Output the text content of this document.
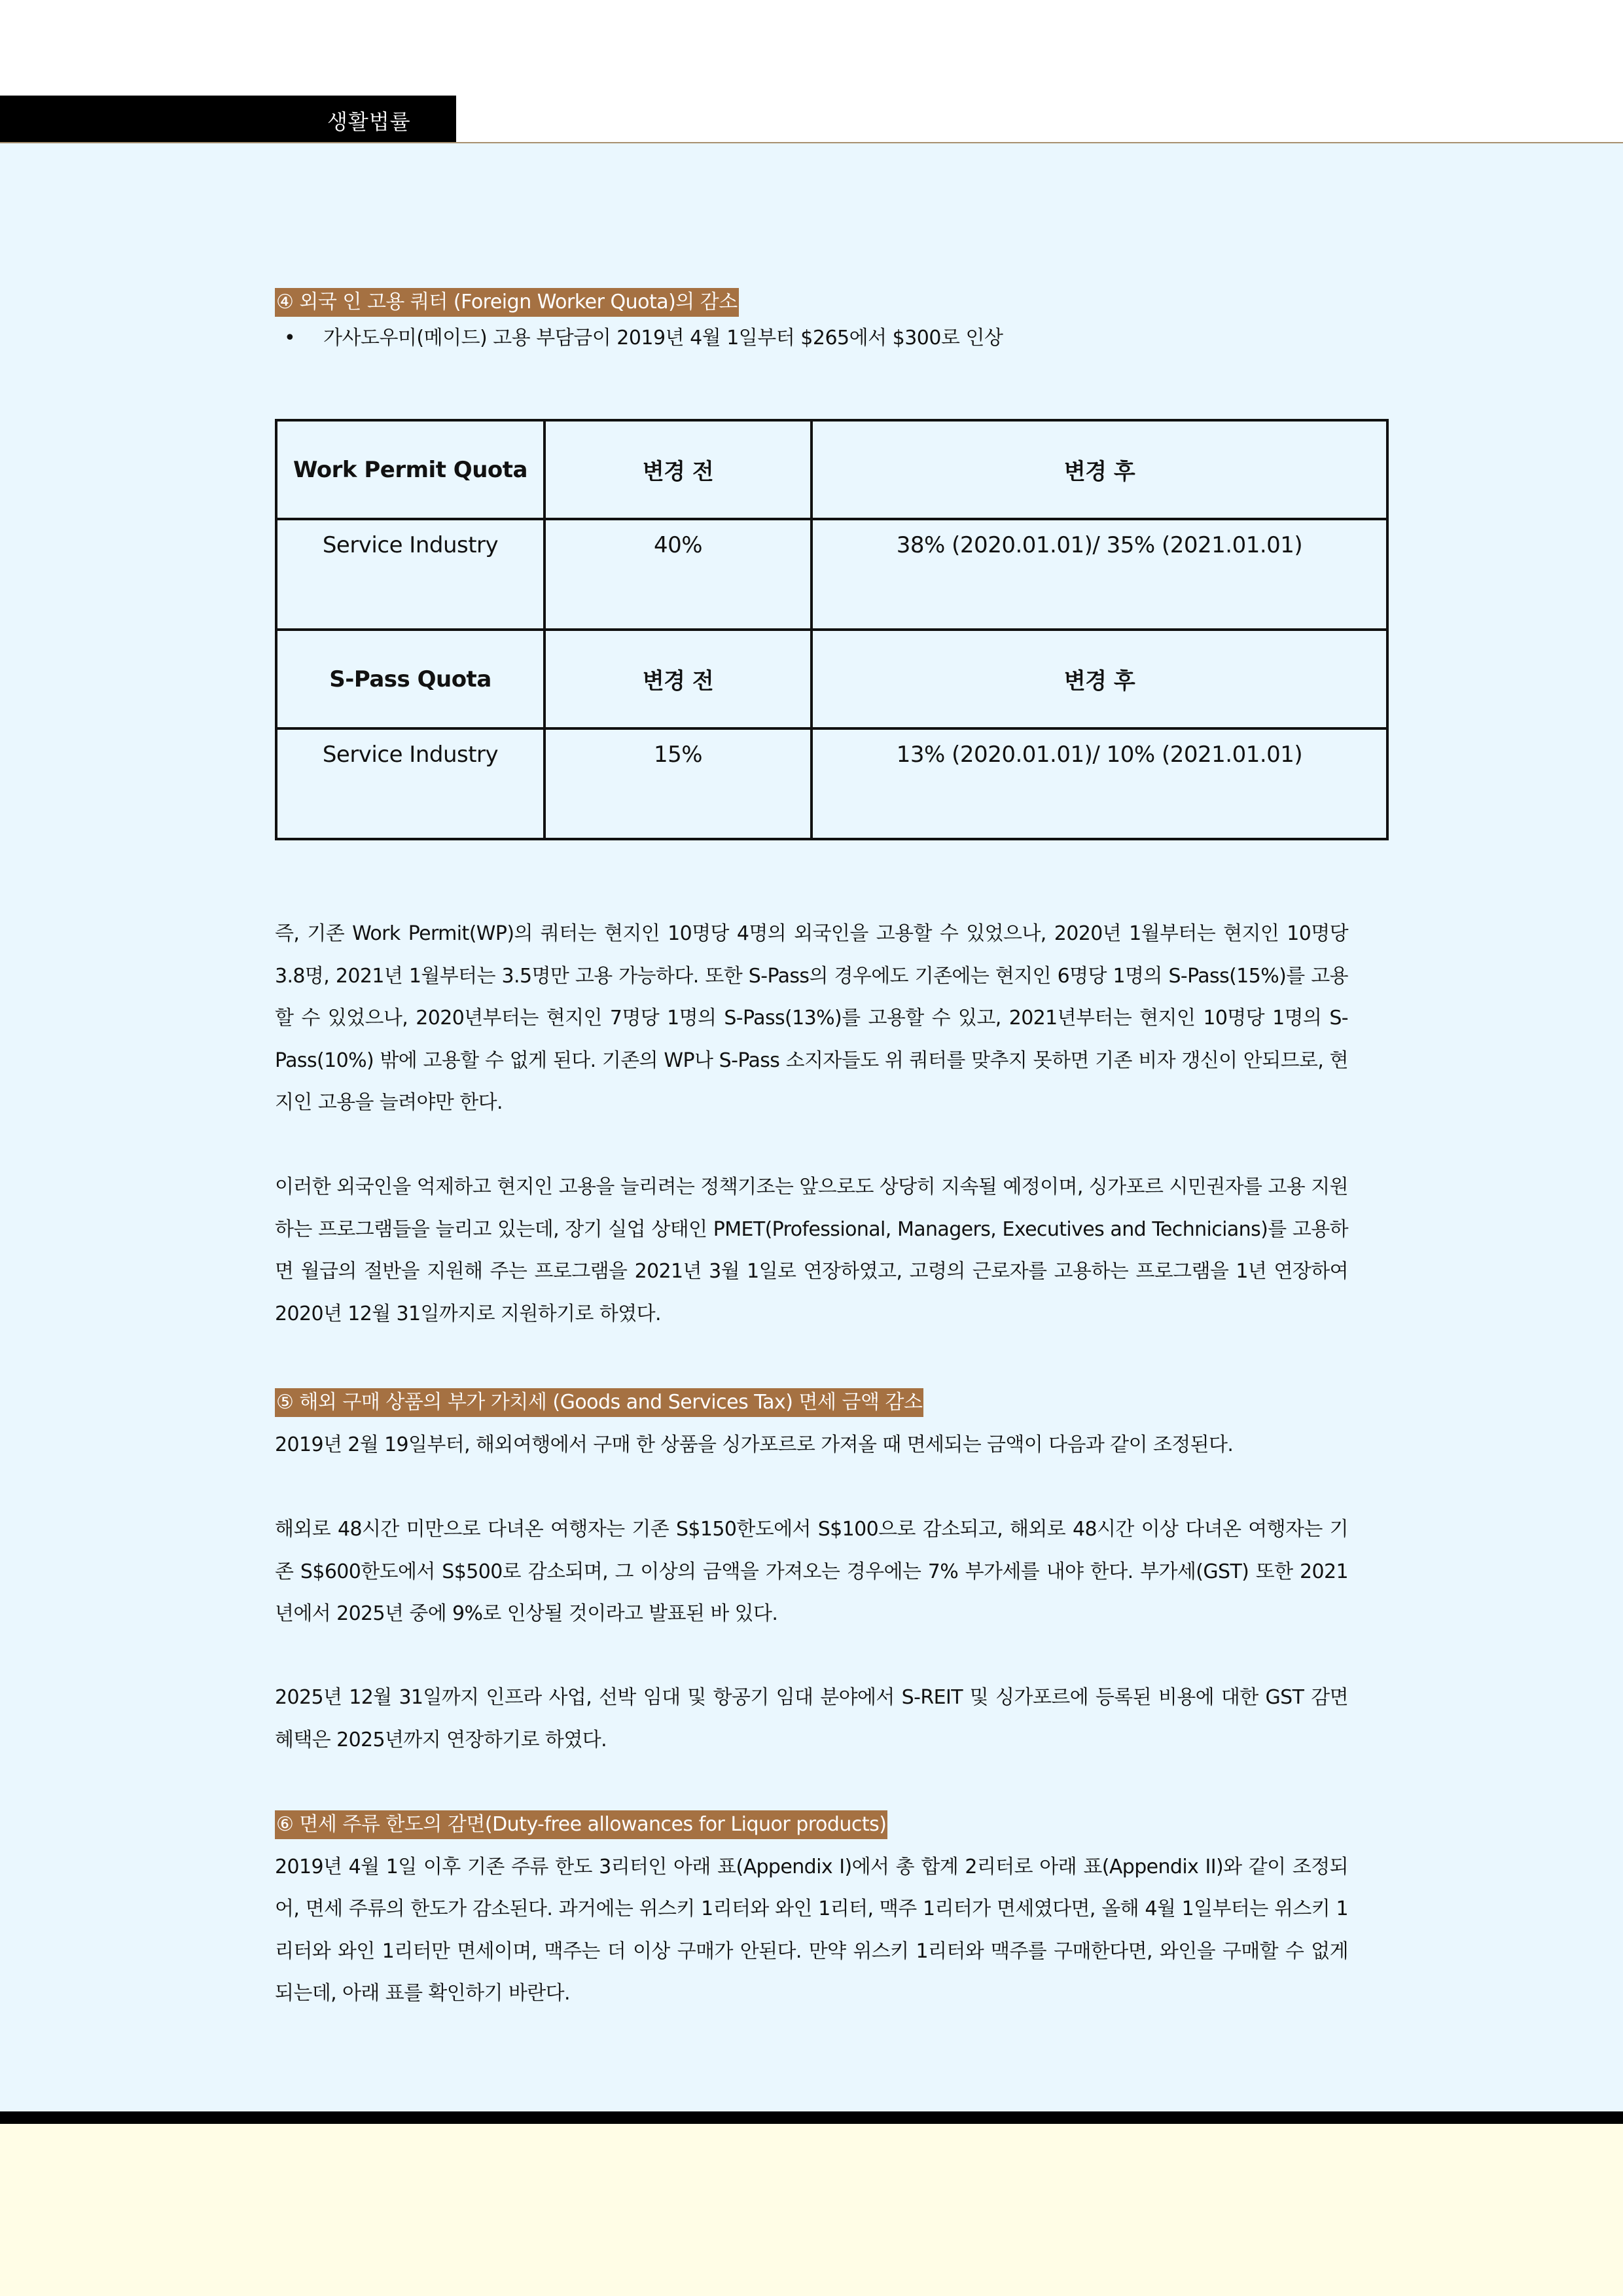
생활법률
④ 외국 인 고용 쿼터 (Foreign Worker Quota)의 감소
•	가사도우미(메이드) 고용 부담금이 2019년 4월 1일부터 $265에서 $300로 인상
Work Permit Quota	변경 전	변경 후
Service Industry	40%	38% (2020.01.01)/ 35% (2021.01.01)
S-Pass Quota	변경 전	변경 후
Service Industry	15%	13% (2020.01.01)/ 10% (2021.01.01)

즉, 기존 Work Permit(WP)의 쿼터는 현지인 10명당 4명의 외국인을 고용할 수 있었으나, 2020년 1월부터는 현지인 10명당 3.8명, 2021년 1월부터는 3.5명만 고용 가능하다. 또한 S-Pass의 경우에도 기존에는 현지인 6명당 1명의 S-Pass(15%)를 고용할 수 있었으나, 2020년부터는 현지인 7명당 1명의 S-Pass(13%)를 고용할 수 있고, 2021년부터는 현지인 10명당 1명의 S-Pass(10%) 밖에 고용할 수 없게 된다. 기존의 WP나 S-Pass 소지자들도 위 쿼터를 맞추지 못하면 기존 비자 갱신이 안되므로, 현지인 고용을 늘려야만 한다.

이러한 외국인을 억제하고 현지인 고용을 늘리려는 정책기조는 앞으로도 상당히 지속될 예정이며, 싱가포르 시민권자를 고용 지원하는 프로그램들을 늘리고 있는데, 장기 실업 상태인 PMET(Professional, Managers, Executives and Technicians)를 고용하면 월급의 절반을 지원해 주는 프로그램을 2021년 3월 1일로 연장하였고, 고령의 근로자를 고용하는 프로그램을 1년 연장하여 2020년 12월 31일까지로 지원하기로 하였다.

⑤ 해외 구매 상품의 부가 가치세 (Goods and Services Tax) 면세 금액 감소

2019년 2월 19일부터, 해외여행에서 구매 한 상품을 싱가포르로 가져올 때 면세되는 금액이 다음과 같이 조정된다.

해외로 48시간 미만으로 다녀온 여행자는 기존 S$150한도에서 S$100으로 감소되고, 해외로 48시간 이상 다녀온 여행자는 기존 S$600한도에서 S$500로 감소되며, 그 이상의 금액을 가져오는 경우에는 7% 부가세를 내야 한다. 부가세(GST) 또한 2021년에서 2025년 중에 9%로 인상될 것이라고 발표된 바 있다.

2025년 12월 31일까지 인프라 사업, 선박 임대 및 항공기 임대 분야에서 S-REIT 및 싱가포르에 등록된 비용에 대한 GST 감면 혜택은 2025년까지 연장하기로 하였다.

⑥ 면세 주류 한도의 감면(Duty-free allowances for Liquor products)

2019년 4월 1일 이후 기존 주류 한도 3리터인 아래 표(Appendix I)에서 총 합계 2리터로 아래 표(Appendix II)와 같이 조정되어, 면세 주류의 한도가 감소된다. 과거에는 위스키 1리터와 와인 1리터, 맥주 1리터가 면세였다면, 올해 4월 1일부터는 위스키 1리터와 와인 1리터만 면세이며, 맥주는 더 이상 구매가 안된다. 만약 위스키 1리터와 맥주를 구매한다면, 와인을 구매할 수 없게 되는데, 아래 표를 확인하기 바란다.
